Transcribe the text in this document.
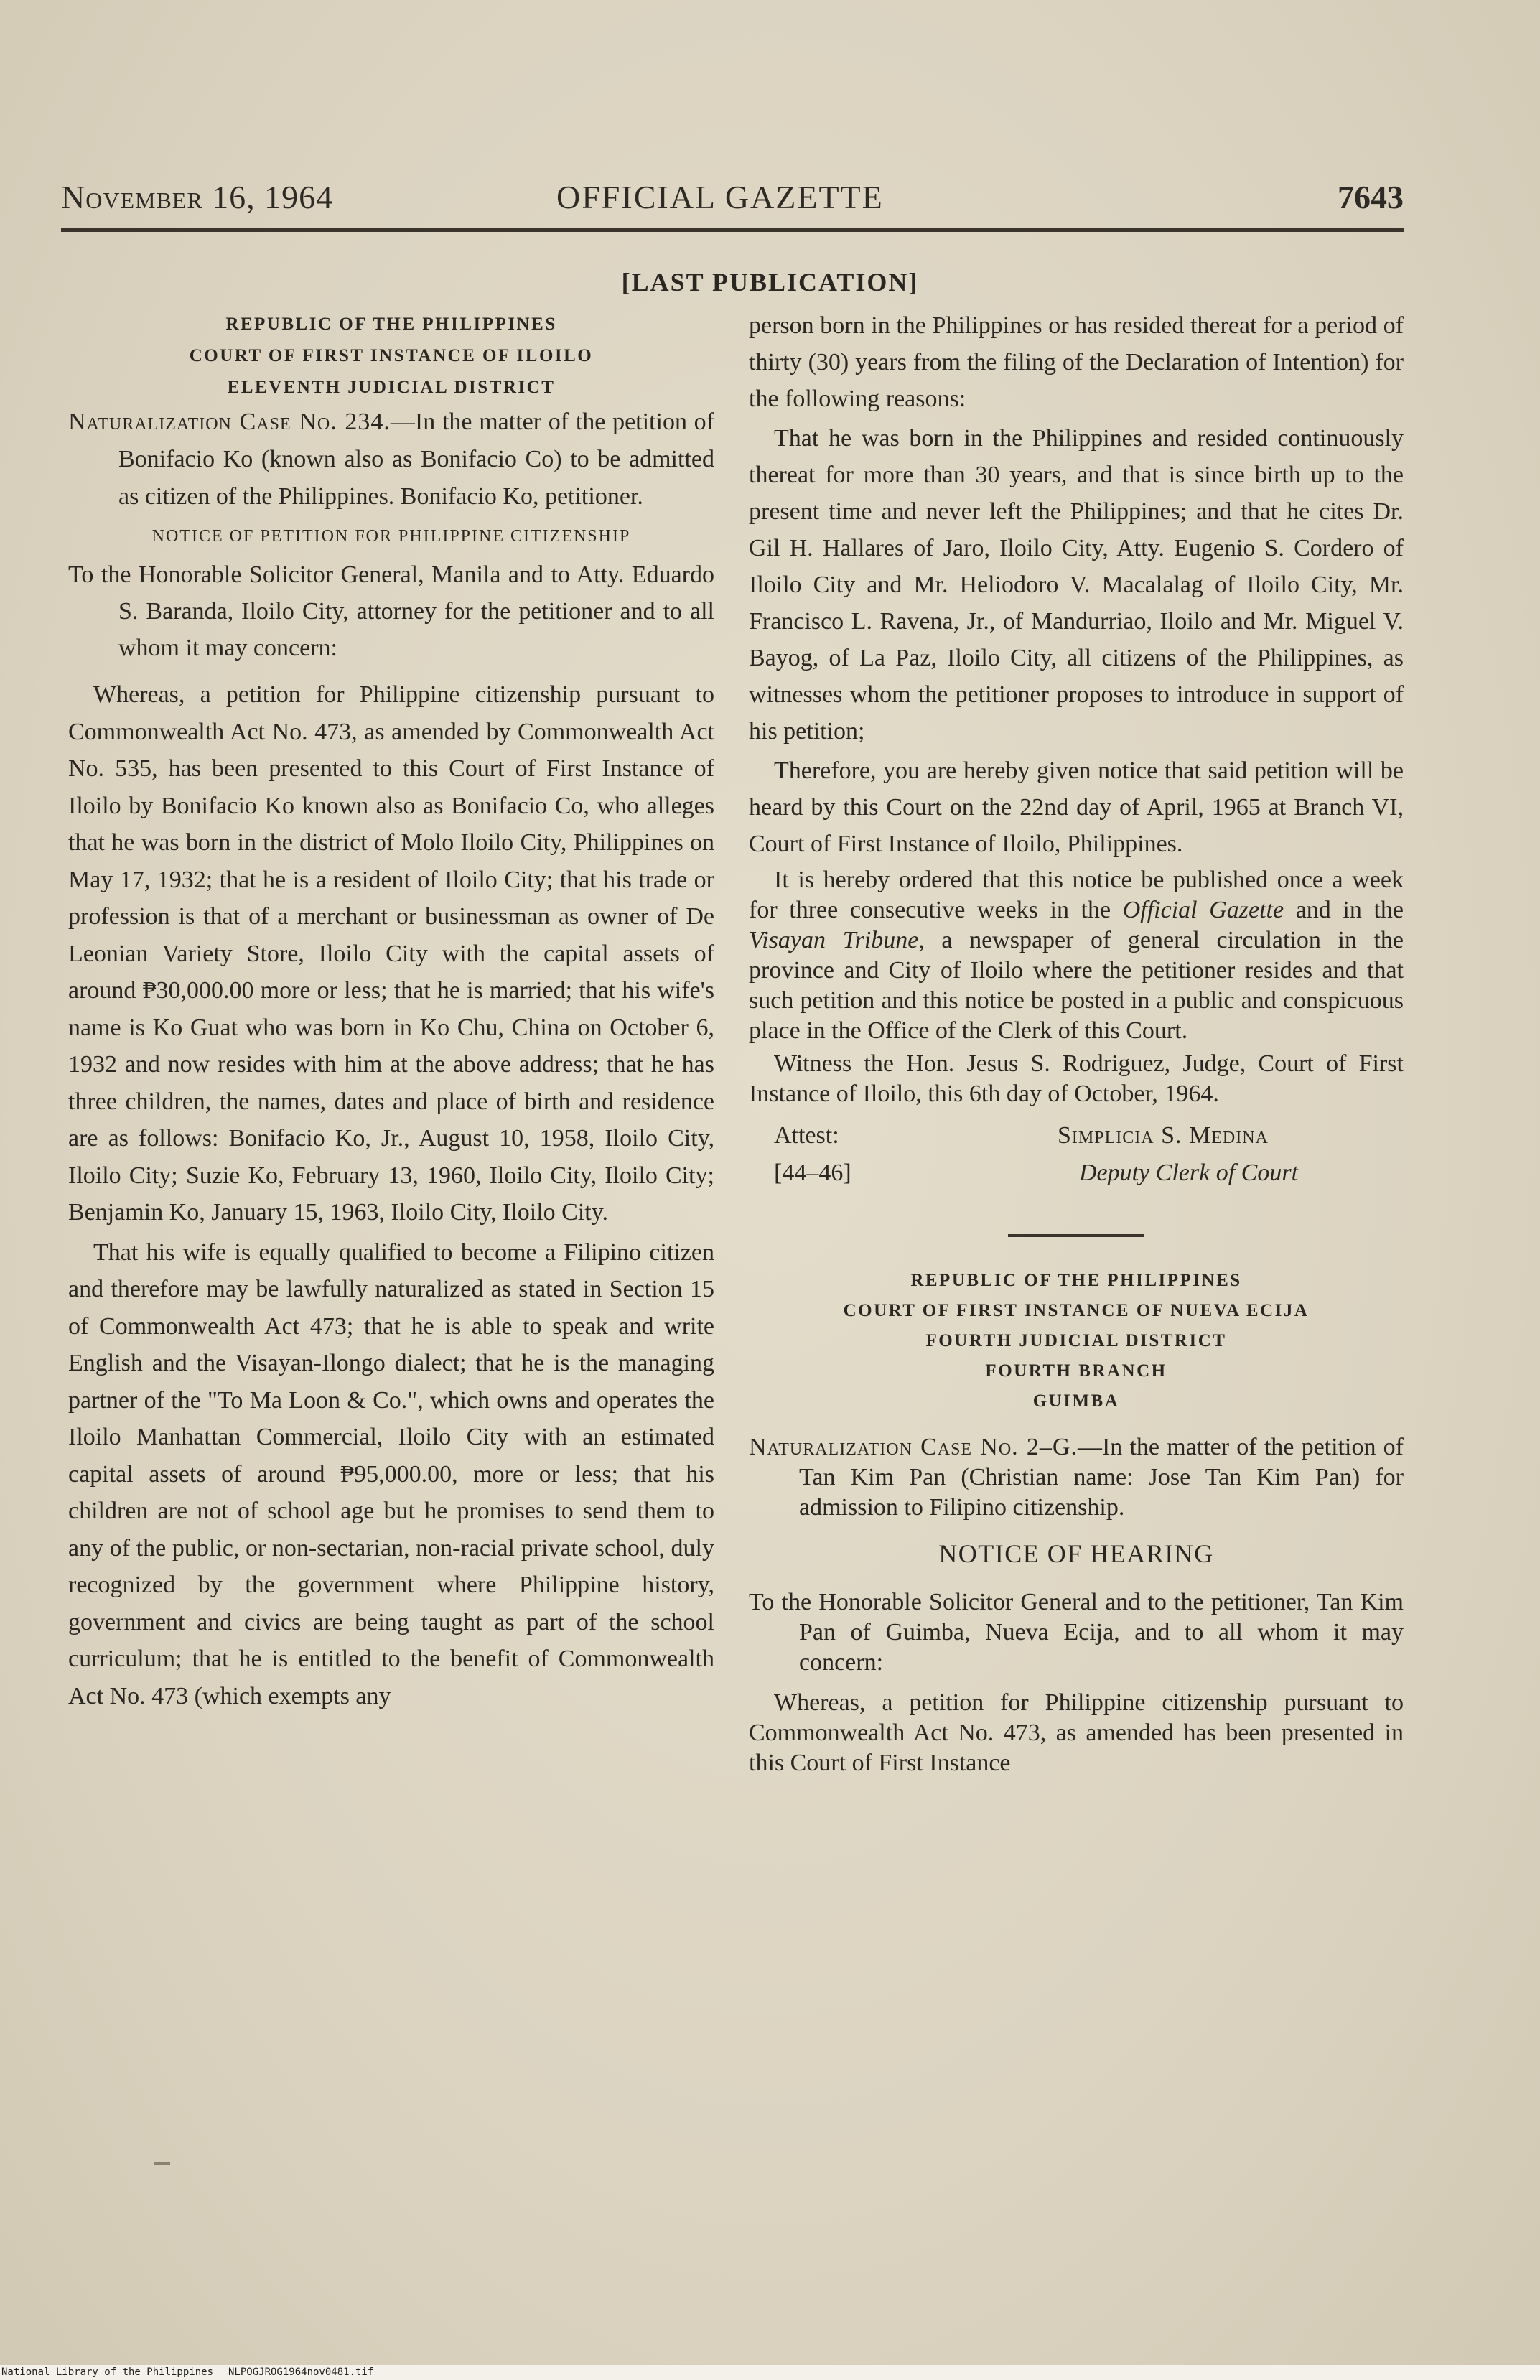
November 16, 1964	OFFICIAL GAZETTE	7643
[LAST PUBLICATION]
REPUBLIC OF THE PHILIPPINES
COURT OF FIRST INSTANCE OF ILOILO
ELEVENTH JUDICIAL DISTRICT

Naturalization Case No. 234.—In the matter of the petition of Bonifacio Ko (known also as Bonifacio Co) to be admitted as citizen of the Philippines. Bonifacio Ko, petitioner.

NOTICE OF PETITION FOR PHILIPPINE CITIZENSHIP

To the Honorable Solicitor General, Manila and to Atty. Eduardo S. Baranda, Iloilo City, attorney for the petitioner and to all whom it may concern:

Whereas, a petition for Philippine citizenship pursuant to Commonwealth Act No. 473, as amended by Commonwealth Act No. 535, has been presented to this Court of First Instance of Iloilo by Bonifacio Ko known also as Bonifacio Co, who alleges that he was born in the district of Molo Iloilo City, Philippines on May 17, 1932; that he is a resident of Iloilo City; that his trade or profession is that of a merchant or businessman as owner of De Leonian Variety Store, Iloilo City with the capital assets of around ₱30,000.00 more or less; that he is married; that his wife's name is Ko Guat who was born in Ko Chu, China on October 6, 1932 and now resides with him at the above address; that he has three children, the names, dates and place of birth and residence are as follows: Bonifacio Ko, Jr., August 10, 1958, Iloilo City, Iloilo City; Suzie Ko, February 13, 1960, Iloilo City, Iloilo City; Benjamin Ko, January 15, 1963, Iloilo City, Iloilo City.

That his wife is equally qualified to become a Filipino citizen and therefore may be lawfully naturalized as stated in Section 15 of Commonwealth Act 473; that he is able to speak and write English and the Visayan-Ilongo dialect; that he is the managing partner of the "To Ma Loon & Co.", which owns and operates the Iloilo Manhattan Commercial, Iloilo City with an estimated capital assets of around ₱95,000.00, more or less; that his children are not of school age but he promises to send them to any of the public, or non-sectarian, non-racial private school, duly recognized by the government where Philippine history, government and civics are being taught as part of the school curriculum; that he is entitled to the benefit of Commonwealth Act No. 473 (which exempts any

person born in the Philippines or has resided thereat for a period of thirty (30) years from the filing of the Declaration of Intention) for the following reasons:

That he was born in the Philippines and resided continuously thereat for more than 30 years, and that is since birth up to the present time and never left the Philippines; and that he cites Dr. Gil H. Hallares of Jaro, Iloilo City, Atty. Eugenio S. Cordero of Iloilo City and Mr. Heliodoro V. Macalalag of Iloilo City, Mr. Francisco L. Ravena, Jr., of Mandurriao, Iloilo and Mr. Miguel V. Bayog, of La Paz, Iloilo City, all citizens of the Philippines, as witnesses whom the petitioner proposes to introduce in support of his petition;

Therefore, you are hereby given notice that said petition will be heard by this Court on the 22nd day of April, 1965 at Branch VI, Court of First Instance of Iloilo, Philippines.

It is hereby ordered that this notice be published once a week for three consecutive weeks in the Official Gazette and in the Visayan Tribune, a newspaper of general circulation in the province and City of Iloilo where the petitioner resides and that such petition and this notice be posted in a public and conspicuous place in the Office of the Clerk of this Court.

Witness the Hon. Jesus S. Rodriguez, Judge, Court of First Instance of Iloilo, this 6th day of October, 1964.

Attest:
[44–46]
Simplicia S. Medina
Deputy Clerk of Court
REPUBLIC OF THE PHILIPPINES
COURT OF FIRST INSTANCE OF NUEVA ECIJA
FOURTH JUDICIAL DISTRICT
FOURTH BRANCH
GUIMBA

Naturalization Case No. 2–G.—In the matter of the petition of Tan Kim Pan (Christian name: Jose Tan Kim Pan) for admission to Filipino citizenship.

NOTICE OF HEARING

To the Honorable Solicitor General and to the petitioner, Tan Kim Pan of Guimba, Nueva Ecija, and to all whom it may concern:

Whereas, a petition for Philippine citizenship pursuant to Commonwealth Act No. 473, as amended has been presented in this Court of First Instance

National Library of the Philippines NLPOGJROG1964nov0481.tif
